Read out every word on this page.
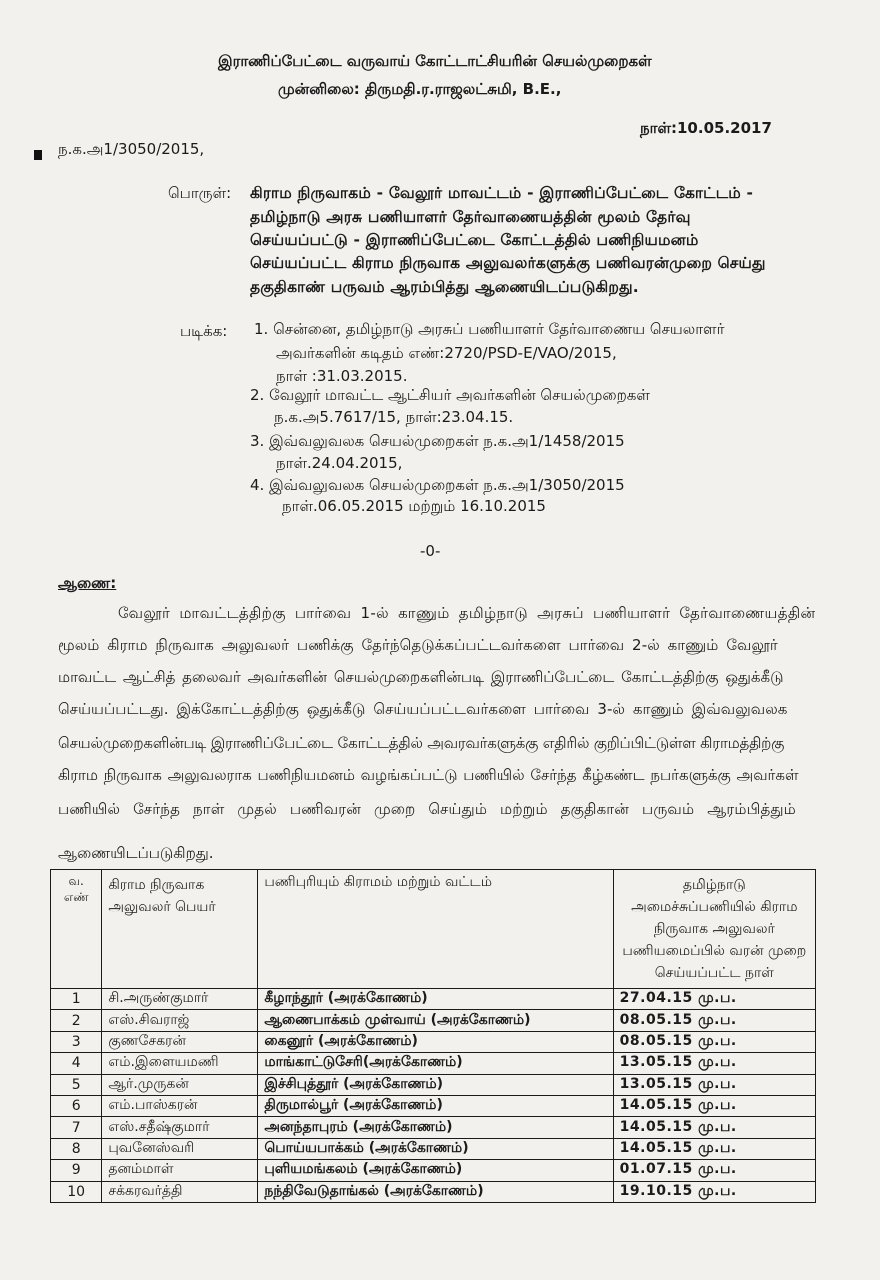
இராணிப்பேட்டை வருவாய் கோட்டாட்சியரின் செயல்முறைகள்
முன்னிலை: திருமதி.ர.ராஜலட்சுமி, B.E.,
நாள்:10.05.2017
ந.க.அ1/3050/2015,
பொருள்: கிராம நிருவாகம் - வேலூர் மாவட்டம் - இராணிப்பேட்டை கோட்டம் -
தமிழ்நாடு அரசு பணியாளர் தேர்வாணையத்தின் மூலம் தேர்வு
செய்யப்பட்டு - இராணிப்பேட்டை கோட்டத்தில் பணிநியமனம்
செய்யப்பட்ட கிராம நிருவாக அலுவலர்களுக்கு பணிவரன்முறை செய்து
தகுதிகாண் பருவம் ஆரம்பித்து ஆணையிடப்படுகிறது.
படிக்க: 1. சென்னை, தமிழ்நாடு அரசுப் பணியாளர் தேர்வாணைய செயலாளர்
அவர்களின் கடிதம் எண்:2720/PSD-E/VAO/2015,
நாள் :31.03.2015.
2. வேலூர் மாவட்ட ஆட்சியர் அவர்களின் செயல்முறைகள்
ந.க.அ5.7617/15, நாள்:23.04.15.
3. இவ்வலுவலக செயல்முறைகள் ந.க.அ1/1458/2015
நாள்.24.04.2015,
4. இவ்வலுவலக செயல்முறைகள் ந.க.அ1/3050/2015
நாள்.06.05.2015 மற்றும் 16.10.2015
-0-
ஆணை:
வேலூர் மாவட்டத்திற்கு பார்வை 1-ல் காணும் தமிழ்நாடு அரசுப் பணியாளர் தேர்வாணையத்தின்
மூலம் கிராம நிருவாக அலுவலர் பணிக்கு தேர்ந்தெடுக்கப்பட்டவர்களை பார்வை 2-ல் காணும் வேலூர்
மாவட்ட ஆட்சித் தலைவர் அவர்களின் செயல்முறைகளின்படி இராணிப்பேட்டை கோட்டத்திற்கு ஒதுக்கீடு
செய்யப்பட்டது. இக்கோட்டத்திற்கு ஒதுக்கீடு செய்யப்பட்டவர்களை பார்வை 3-ல் காணும் இவ்வலுவலக
செயல்முறைகளின்படி இராணிப்பேட்டை கோட்டத்தில் அவரவர்களுக்கு எதிரில் குறிப்பிட்டுள்ள கிராமத்திற்கு
கிராம நிருவாக அலுவலராக பணிநியமனம் வழங்கப்பட்டு பணியில் சேர்ந்த கீழ்கண்ட நபர்களுக்கு அவர்கள்
பணியில் சேர்ந்த நாள் முதல் பணிவரன் முறை செய்தும் மற்றும் தகுதிகான் பருவம் ஆரம்பித்தும்
ஆணையிடப்படுகிறது.
வ. எண்	கிராம நிருவாக அலுவலர் பெயர்	பணிபுரியும் கிராமம் மற்றும் வட்டம்	தமிழ்நாடு அமைச்சுப்பணியில் கிராம நிருவாக அலுவலர் பணியமைப்பில் வரன் முறை செய்யப்பட்ட நாள்
1	சி.அருண்குமார்	கீழாந்தூர் (அரக்கோணம்)	27.04.15 மு.ப.
2	எஸ்.சிவராஜ்	ஆணைபாக்கம் முள்வாய் (அரக்கோணம்)	08.05.15 மு.ப.
3	குணசேகரன்	கைனூர் (அரக்கோணம்)	08.05.15 மு.ப.
4	எம்.இளையமணி	மாங்காட்டுசேரி(அரக்கோணம்)	13.05.15 மு.ப.
5	ஆர்.முருகன்	இச்சிபுத்தூர் (அரக்கோணம்)	13.05.15 மு.ப.
6	எம்.பாஸ்கரன்	திருமால்பூர் (அரக்கோணம்)	14.05.15 மு.ப.
7	எஸ்.சதீஷ்குமார்	அனந்தாபுரம் (அரக்கோணம்)	14.05.15 மு.ப.
8	புவனேஸ்வரி	பொய்யபாக்கம் (அரக்கோணம்)	14.05.15 மு.ப.
9	தனம்மாள்	புளியமங்கலம் (அரக்கோணம்)	01.07.15 மு.ப.
10	சக்கரவர்த்தி	நந்திவேடுதாங்கல் (அரக்கோணம்)	19.10.15 மு.ப.
